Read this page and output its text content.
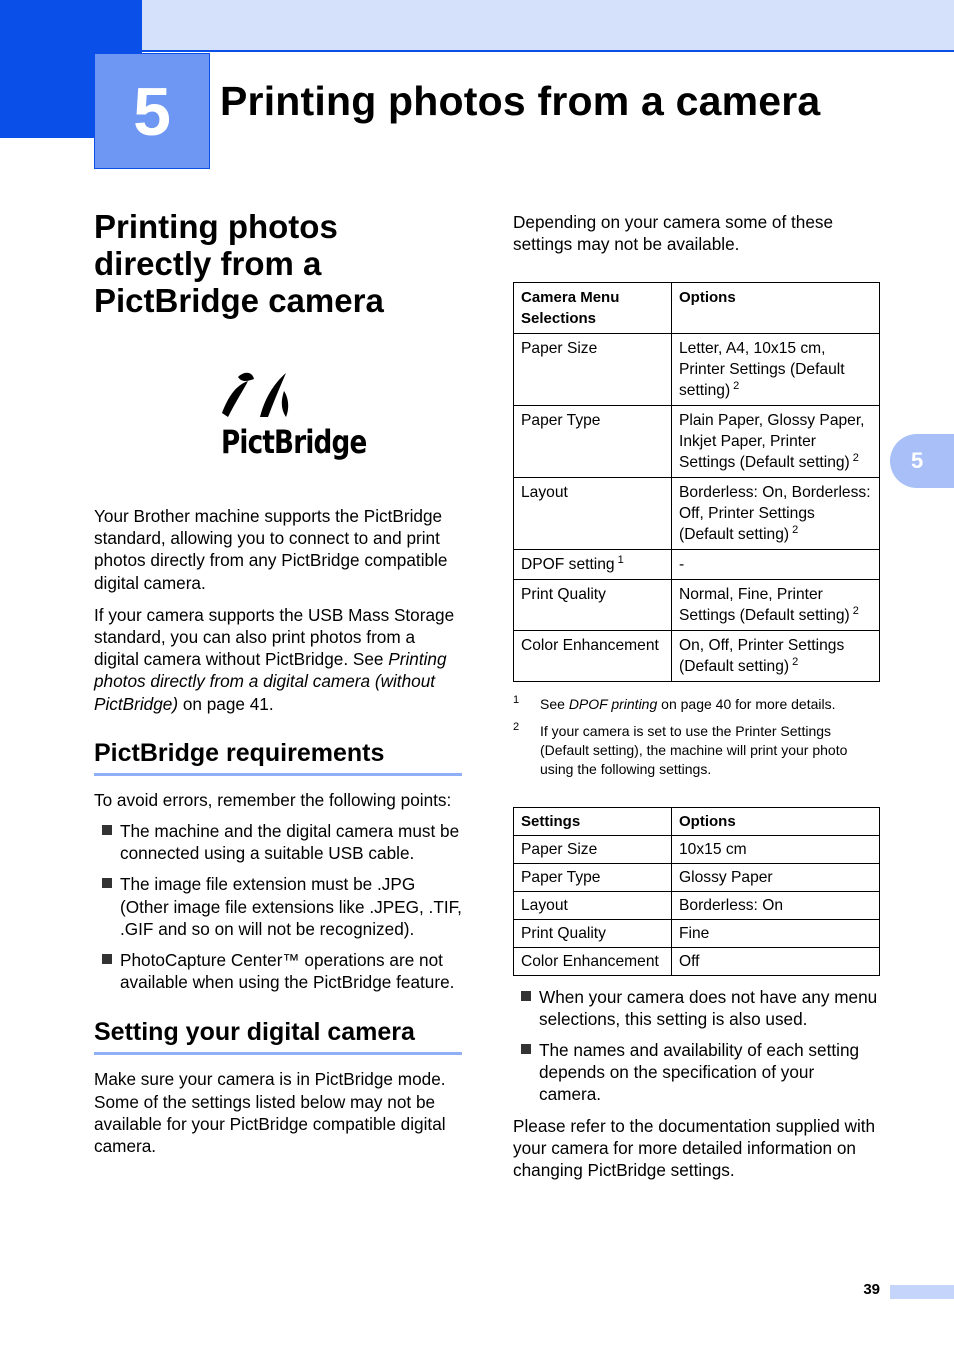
5	Printing photos from a camera
5
Printing photos directly from a PictBridge camera
PictBridge

Your Brother machine supports the PictBridge standard, allowing you to connect to and print photos directly from any PictBridge compatible digital camera.

If your camera supports the USB Mass Storage standard, you can also print photos from a digital camera without PictBridge. See Printing photos directly from a digital camera (without PictBridge) on page 41.

PictBridge requirements

To avoid errors, remember the following points:

The machine and the digital camera must be connected using a suitable USB cable.
The image file extension must be .JPG (Other image file extensions like .JPEG, .TIF, .GIF and so on will not be recognized).
PhotoCapture Center™ operations are not available when using the PictBridge feature.
Setting your digital camera

Make sure your camera is in PictBridge mode. Some of the settings listed below may not be available for your PictBridge compatible digital camera.

Depending on your camera some of these settings may not be available.

Camera Menu Selections	Options
Paper Size	Letter, A4, 10x15 cm, Printer Settings (Default setting) $^2$
Paper Type	Plain Paper, Glossy Paper, Inkjet Paper, Printer Settings (Default setting) $^2$
Layout	Borderless: On, Borderless: Off, Printer Settings (Default setting) $^2$
DPOF setting $^1$	-
Print Quality	Normal, Fine, Printer Settings (Default setting) $^2$
Color Enhancement	On, Off, Printer Settings (Default setting) $^2$
1 See DPOF printing on page 40 for more details.
2 If your camera is set to use the Printer Settings (Default setting), the machine will print your photo using the following settings.
Settings	Options
Paper Size	10x15 cm
Paper Type	Glossy Paper
Layout	Borderless: On
Print Quality	Fine
Color Enhancement	Off
When your camera does not have any menu selections, this setting is also used.
The names and availability of each setting depends on the specification of your camera.

Please refer to the documentation supplied with your camera for more detailed information on changing PictBridge settings.

39
